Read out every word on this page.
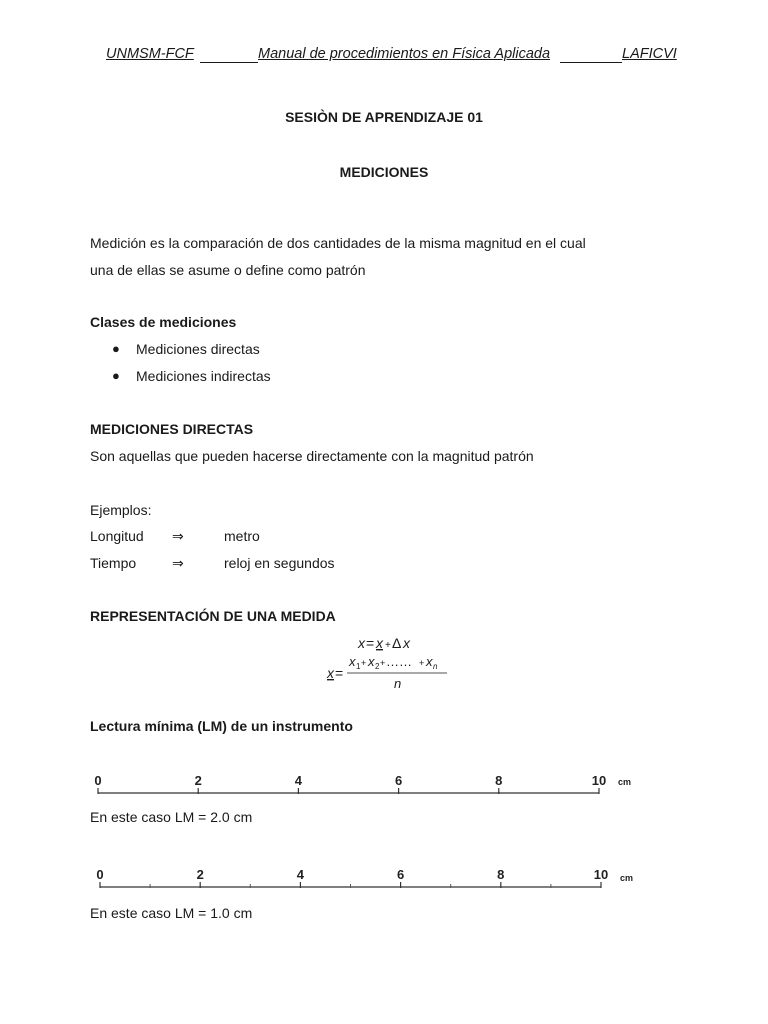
UNMSM-FCF	Manual de procedimientos en Física Aplicada	LAFICVI
SESIÒN DE APRENDIZAJE 01
MEDICIONES
Medición es la comparación de dos cantidades de la misma magnitud en el cual
una de ellas se asume o define como patrón
Clases de mediciones
● Mediciones directas
● Mediciones indirectas
MEDICIONES DIRECTAS
Son aquellas que pueden hacerse directamente con la magnitud patrón
Ejemplos:
Longitud ⇒	metro
Tiempo	⇒	reloj en segundos
REPRESENTACIÓN DE UNA MEDIDA
x = x + Δ x
x =
x 1 + x 2 + …… + x n
n
Lectura mínima (LM) de un instrumento
0	2	4	6	8	10 cm
En este caso LM = 2.0 cm
0	2	4	6	8	10 cm
En este caso LM = 1.0 cm
